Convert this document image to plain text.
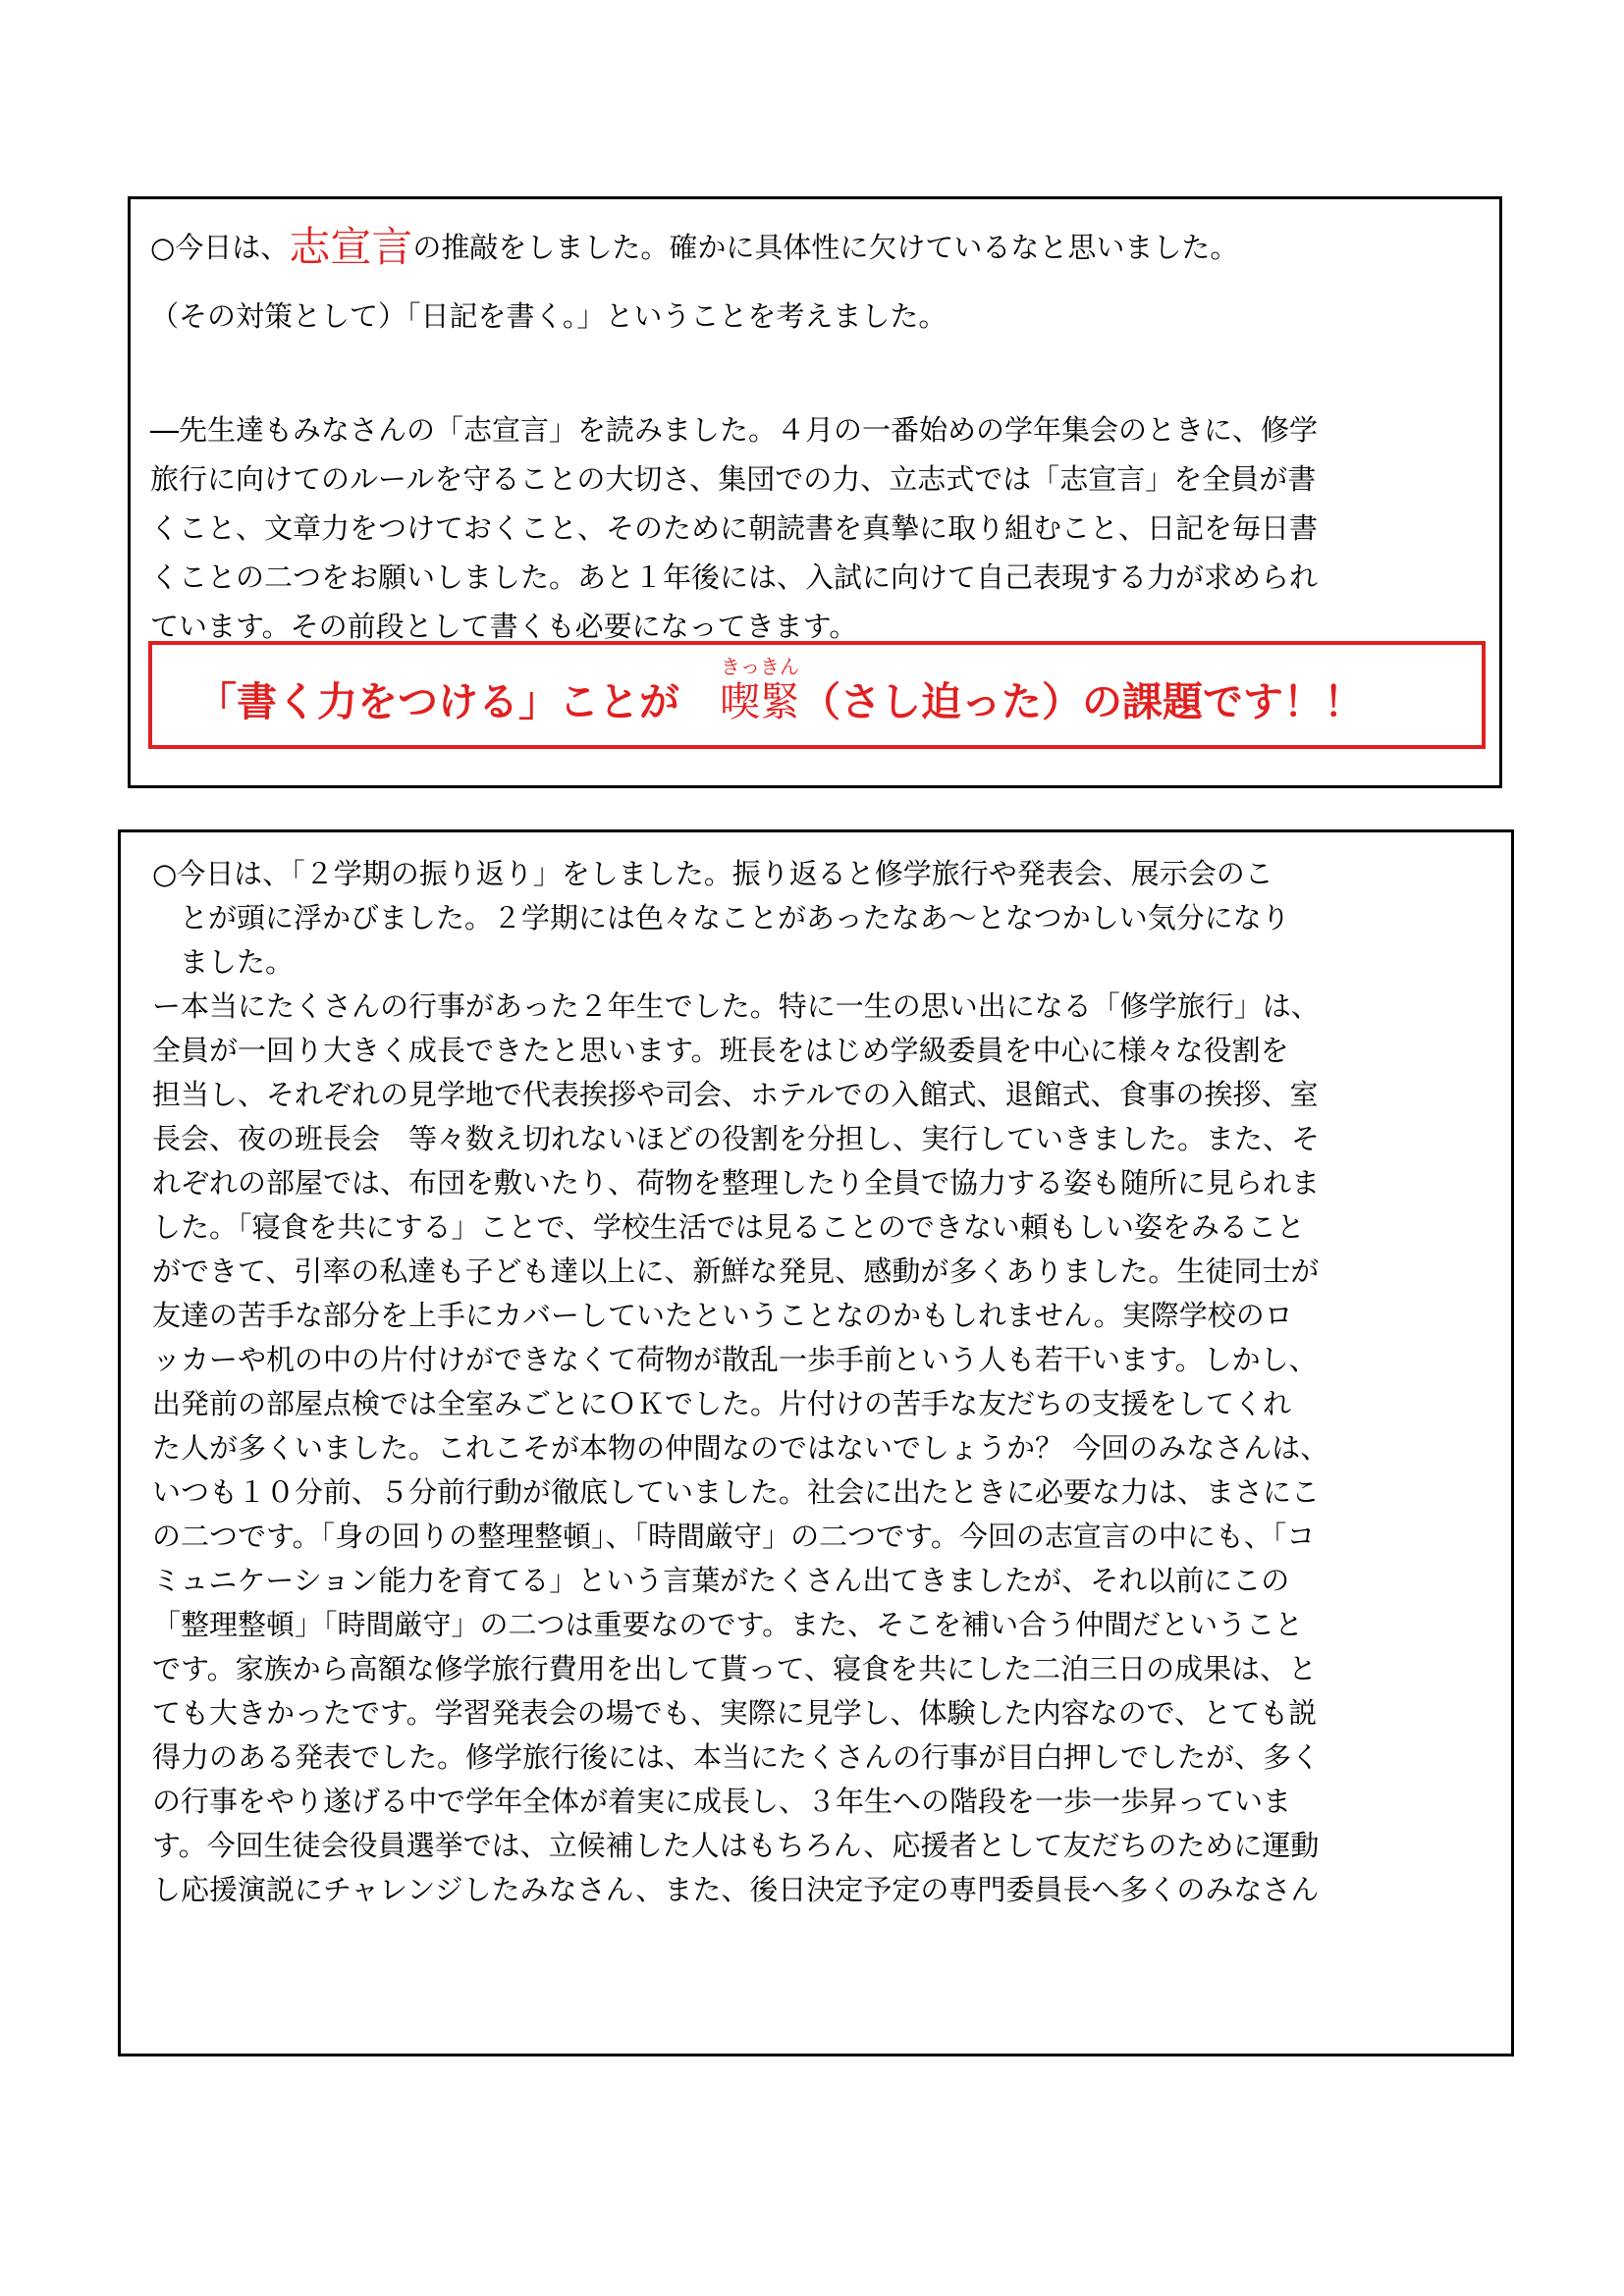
○今日は、志宣言の推敲をしました。確かに具体性に欠けているなと思いました。
（その対策として）「日記を書く。」ということを考えました。
―先生達もみなさんの「志宣言」を読みました。４月の一番始めの学年集会のときに、修学
旅行に向けてのルールを守ることの大切さ、集団での力、立志式では「志宣言」を全員が書
くこと、文章力をつけておくこと、そのために朝読書を真摯に取り組むこと、日記を毎日書
くことの二つをお願いしました。あと１年後には、入試に向けて自己表現する力が求められ
ています。その前段として書くも必要になってきます。
「書く力をつける」ことが　
きっきん
喫緊（さし迫った）の課題です！！
○今日は、「２学期の振り返り」をしました。振り返ると修学旅行や発表会、展示会のこ
とが頭に浮かびました。２学期には色々なことがあったなあ～となつかしい気分になり
ました。
ー本当にたくさんの行事があった２年生でした。特に一生の思い出になる「修学旅行」は、
全員が一回り大きく成長できたと思います。班長をはじめ学級委員を中心に様々な役割を
担当し、それぞれの見学地で代表挨拶や司会、ホテルでの入館式、退館式、食事の挨拶、室
長会、夜の班長会　等々数え切れないほどの役割を分担し、実行していきました。また、そ
れぞれの部屋では、布団を敷いたり、荷物を整理したり全員で協力する姿も随所に見られま
した。「寝食を共にする」ことで、学校生活では見ることのできない頼もしい姿をみること
ができて、引率の私達も子ども達以上に、新鮮な発見、感動が多くありました。生徒同士が
友達の苦手な部分を上手にカバーしていたということなのかもしれません。実際学校のロ
ッカーや机の中の片付けができなくて荷物が散乱一歩手前という人も若干います。しかし、
出発前の部屋点検では全室みごとにＯＫでした。片付けの苦手な友だちの支援をしてくれ
た人が多くいました。これこそが本物の仲間なのではないでしょうか？ 今回のみなさんは、
いつも１０分前、５分前行動が徹底していました。社会に出たときに必要な力は、まさにこ
の二つです。「身の回りの整理整頓」、「時間厳守」の二つです。今回の志宣言の中にも、「コ
ミュニケーション能力を育てる」という言葉がたくさん出てきましたが、それ以前にこの
「整理整頓」「時間厳守」の二つは重要なのです。また、そこを補い合う仲間だということ
です。家族から高額な修学旅行費用を出して貰って、寝食を共にした二泊三日の成果は、と
ても大きかったです。学習発表会の場でも、実際に見学し、体験した内容なので、とても説
得力のある発表でした。修学旅行後には、本当にたくさんの行事が目白押しでしたが、多く
の行事をやり遂げる中で学年全体が着実に成長し、３年生への階段を一歩一歩昇っていま
す。今回生徒会役員選挙では、立候補した人はもちろん、応援者として友だちのために運動
し応援演説にチャレンジしたみなさん、また、後日決定予定の専門委員長へ多くのみなさん
